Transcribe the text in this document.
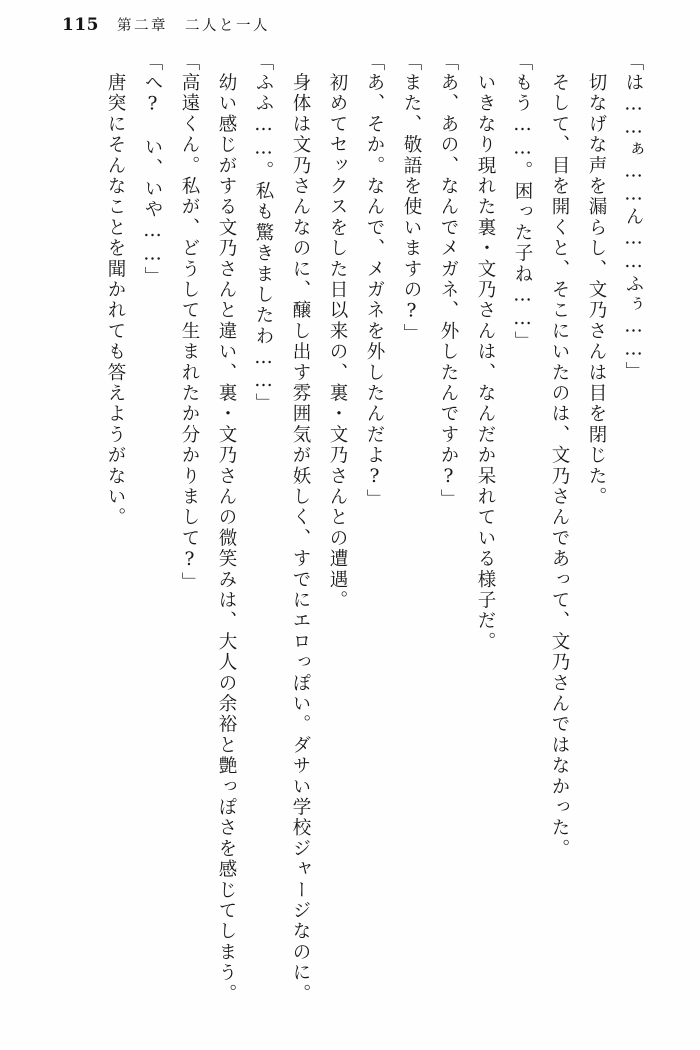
115 第二章　二人と一人

「は……ぁ……ん……ふぅ……」

　切なげな声を漏らし、文乃さんは目を閉じた。

　そして、目を開くと、そこにいたのは、文乃さんであって、文乃さんではなかった。

「もう……。困った子ね……」

　いきなり現れた裏・文乃さんは、なんだか呆れている様子だ。

「あ、あの、なんでメガネ、外したんですか?」

「また、敬語を使いますの?」

「あ、そか。なんで、メガネを外したんだよ?」

　初めてセックスをした日以来の、裏・文乃さんとの遭遇。

　身体は文乃さんなのに、醸し出す雰囲気が妖しく、すでにエロっぽい。ダサい学校ジャージなのに。

「ふふ……。私も驚きましたわ……」

　幼い感じがする文乃さんと違い、裏・文乃さんの微笑みは、大人の余裕と艶っぽさを感じてしまう。

「高遠くん。私が、どうして生まれたか分かりまして?」

「へ?　い、いや……」

　唐突にそんなことを聞かれても答えようがない。
